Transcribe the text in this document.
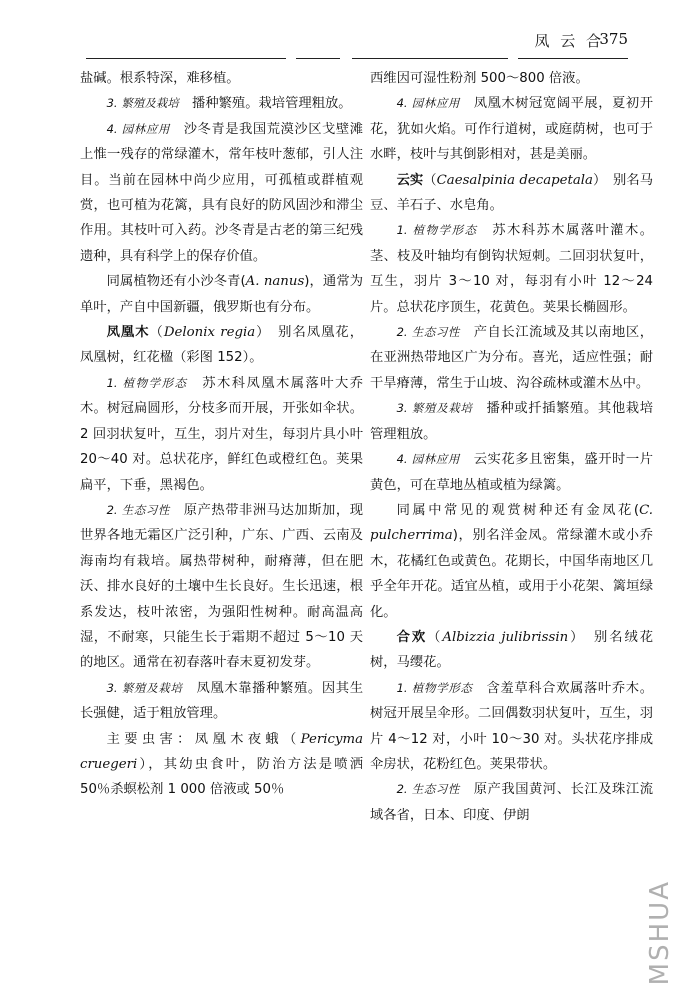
凤 云 合
375

盐碱。根系特深，难移植。

3. 繁殖及栽培　播种繁殖。栽培管理粗放。

4. 园林应用　沙冬青是我国荒漠沙区戈壁滩上惟一残存的常绿灌木，常年枝叶葱郁，引人注目。当前在园林中尚少应用，可孤植或群植观赏，也可植为花篱，具有良好的防风固沙和滞尘作用。其枝叶可入药。沙冬青是古老的第三纪残遗种，具有科学上的保存价值。

同属植物还有小沙冬青(A. nanus)，通常为单叶，产自中国新疆，俄罗斯也有分布。

凤凰木（Delonix regia）　别名凤凰花，凤凰树，红花楹（彩图 152）。

1. 植物学形态　苏木科凤凰木属落叶大乔木。树冠扁圆形，分枝多而开展，开张如伞状。2 回羽状复叶，互生，羽片对生，每羽片具小叶 20～40 对。总状花序，鲜红色或橙红色。荚果扁平，下垂，黑褐色。

2. 生态习性　原产热带非洲马达加斯加，现世界各地无霜区广泛引种，广东、广西、云南及海南均有栽培。属热带树种，耐瘠薄，但在肥沃、排水良好的土壤中生长良好。生长迅速，根系发达，枝叶浓密，为强阳性树种。耐高温高湿，不耐寒，只能生长于霜期不超过 5～10 天的地区。通常在初春落叶春末夏初发芽。

3. 繁殖及栽培　凤凰木靠播种繁殖。因其生长强健，适于粗放管理。

主要虫害：凤凰木夜蛾（Pericyma cruegeri），其幼虫食叶，防治方法是喷洒 50％杀螟松剂 1 000 倍液或 50％

西维因可湿性粉剂 500～800 倍液。

4. 园林应用　凤凰木树冠宽阔平展，夏初开花，犹如火焰。可作行道树，或庭荫树，也可于水畔，枝叶与其倒影相对，甚是美丽。

云实（Caesalpinia decapetala）　别名马豆、羊石子、水皂角。

1. 植物学形态　苏木科苏木属落叶灌木。茎、枝及叶轴均有倒钩状短刺。二回羽状复叶，互生，羽片 3～10 对，每羽有小叶 12～24 片。总状花序顶生，花黄色。荚果长椭圆形。

2. 生态习性　产自长江流域及其以南地区，在亚洲热带地区广为分布。喜光，适应性强；耐干旱瘠薄，常生于山坡、沟谷疏林或灌木丛中。

3. 繁殖及栽培　播种或扦插繁殖。其他栽培管理粗放。

4. 园林应用　云实花多且密集，盛开时一片黄色，可在草地丛植或植为绿篱。

同属中常见的观赏树种还有金凤花(C. pulcherrima)，别名洋金凤。常绿灌木或小乔木，花橘红色或黄色。花期长，中国华南地区几乎全年开花。适宜丛植，或用于小花架、篱垣绿化。

合欢（Albizzia julibrissin）　别名绒花树，马缨花。

1. 植物学形态　含羞草科合欢属落叶乔木。树冠开展呈伞形。二回偶数羽状复叶，互生，羽片 4～12 对，小叶 10～30 对。头状花序排成伞房状，花粉红色。荚果带状。

2. 生态习性　原产我国黄河、长江及珠江流域各省，日本、印度、伊朗

MSHUA
